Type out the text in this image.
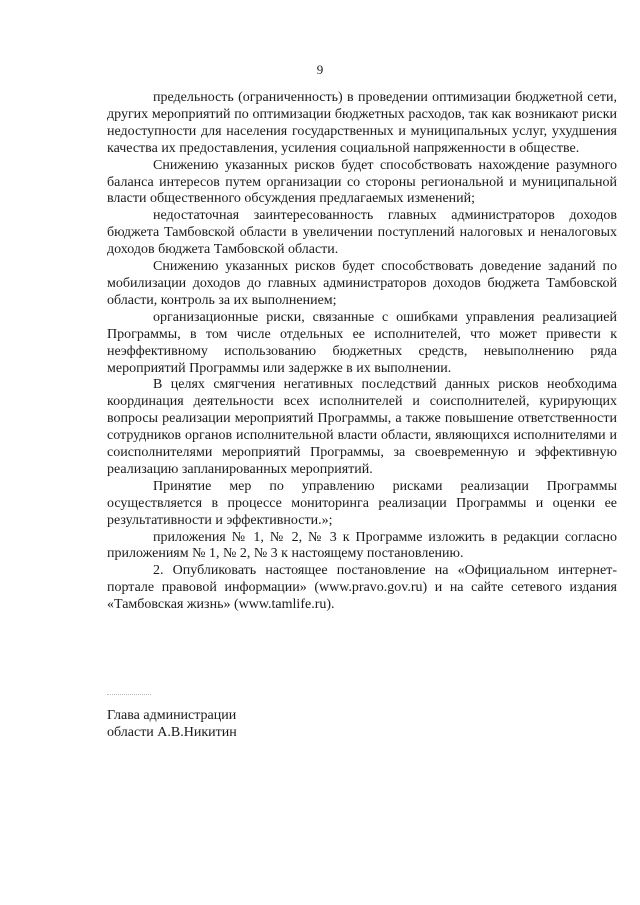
9

предельность (ограниченность) в проведении оптимизации бюджетной сети, других мероприятий по оптимизации бюджетных расходов, так как возникают риски недоступности для населения государственных и муниципальных услуг, ухудшения качества их предоставления, усиления социальной напряженности в обществе.

Снижению указанных рисков будет способствовать нахождение разумного баланса интересов путем организации со стороны региональной и муниципальной власти общественного обсуждения предлагаемых изменений;

недостаточная заинтересованность главных администраторов доходов бюджета Тамбовской области в увеличении поступлений налоговых и неналоговых доходов бюджета Тамбовской области.

Снижению указанных рисков будет способствовать доведение заданий по мобилизации доходов до главных администраторов доходов бюджета Тамбовской области, контроль за их выполнением;

организационные риски, связанные с ошибками управления реализацией Программы, в том числе отдельных ее исполнителей, что может привести к неэффективному использованию бюджетных средств, невыполнению ряда мероприятий Программы или задержке в их выполнении.

В целях смягчения негативных последствий данных рисков необходима координация деятельности всех исполнителей и соисполнителей, курирующих вопросы реализации мероприятий Программы, а также повышение ответственности сотрудников органов исполнительной власти области, являющихся исполнителями и соисполнителями мероприятий Программы, за своевременную и эффективную реализацию запланированных мероприятий.

Принятие мер по управлению рисками реализации Программы осуществляется в процессе мониторинга реализации Программы и оценки ее результативности и эффективности.»;

приложения № 1, № 2, № 3 к Программе изложить в редакции согласно приложениям № 1, № 2, № 3 к настоящему постановлению.

2. Опубликовать настоящее постановление на «Официальном интернет-портале правовой информации» (www.pravo.gov.ru) и на сайте сетевого издания «Тамбовская жизнь» (www.tamlife.ru).

Глава администрации
области А.В.Никитин
